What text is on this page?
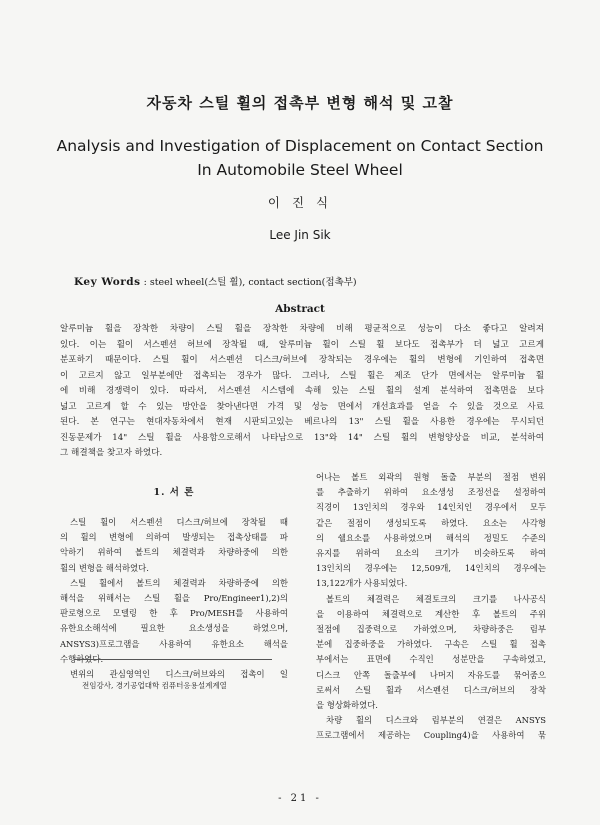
자동차 스틸 휠의 접촉부 변형 해석 및 고찰
Analysis and Investigation of Displacement on Contact Section
In Automobile Steel Wheel
이 진 식
Lee Jin Sik
Key Words : steel wheel(스틸 휠), contact section(접촉부)
Abstract
알루미늄 휠을 장착한 차량이 스틸 휠을 장착한 차량에 비해 평균적으로 성능이 다소 좋다고 알려져
있다. 이는 휠이 서스펜션 허브에 장착될 때, 알루미늄 휠이 스틸 휠 보다도 접촉부가 더 넓고 고르게
분포하기 때문이다. 스틸 휠이 서스펜션 디스크/허브에 장착되는 경우에는 휠의 변형에 기인하여 접촉면
이 고르지 않고 일부분에만 접촉되는 경우가 많다. 그러나, 스틸 휠은 제조 단가 면에서는 알루미늄 휠
에 비해 경쟁력이 있다. 따라서, 서스펜션 시스템에 속해 있는 스틸 휠의 설계 분석하여 접촉면을 보다
넓고 고르게 할 수 있는 방안을 찾아낸다면 가격 및 성능 면에서 개선효과를 얻을 수 있을 것으로 사료
된다. 본 연구는 현대자동차에서 현재 시판되고있는 베르나의 13" 스틸 휠을 사용한 경우에는 무시되던
진동문제가 14" 스틸 휠을 사용함으로해서 나타남으로 13"와 14" 스틸 휠의 변형양상을 비교, 분석하여
그 해결책을 찾고자 하였다.
1. 서 론
스틸 휠이 서스펜션 디스크/허브에 장착될 때
의 휠의 변형에 의하여 발생되는 접촉상태를 파
악하기 위하여 볼트의 체결력과 차량하중에 의한
휠의 변형을 해석하였다.
스틸 휠에서 볼트의 체결력과 차량하중에 의한
해석을 위해서는 스틸 휠을 Pro/Engineer1),2)의
판로형으로 모델링 한 후 Pro/MESH를 사용하여
유한요소해석에 필요한 요소생성을 하였으며,
ANSYS3)프로그램을 사용하여 유한요소 해석을
수행하였다.
변위의 관심영역인 디스크/허브와의 접촉이 일
어나는 볼트 외곽의 원형 돌출 부분의 절점 변위
를 추출하기 위하여 요소생성 조정선을 설정하여
직경이 13인치의 경우와 14인치인 경우에서 모두
같은 절점이 생성되도록 하였다. 요소는 사각형
의 쉘요소를 사용하였으며 해석의 정밀도 수준의
유지를 위하여 요소의 크기가 비슷하도록 하여
13인치의 경우에는 12,509개, 14인치의 경우에는
13,122개가 사용되었다.
볼트의 체결력은 체결토크의 크기를 나사공식
을 이용하여 체결력으로 계산한 후 볼트의 주위
절점에 집중력으로 가하였으며, 차량하중은 림부
분에 집중하중을 가하였다. 구속은 스틸 휠 접촉
부에서는 표면에 수직인 성분만을 구속하였고,
디스크 안쪽 돌출부에 나머지 자유도를 묶어줌으
로써서 스틸 휠과 서스펜션 디스크/허브의 장착
을 형상화하였다.
차량 휠의 디스크와 림부분의 연결은 ANSYS
프로그램에서 제공하는 Coupling4)을 사용하여 묶
전임강사, 경기공업대학 컴퓨터응용설계계열
- 21 -
